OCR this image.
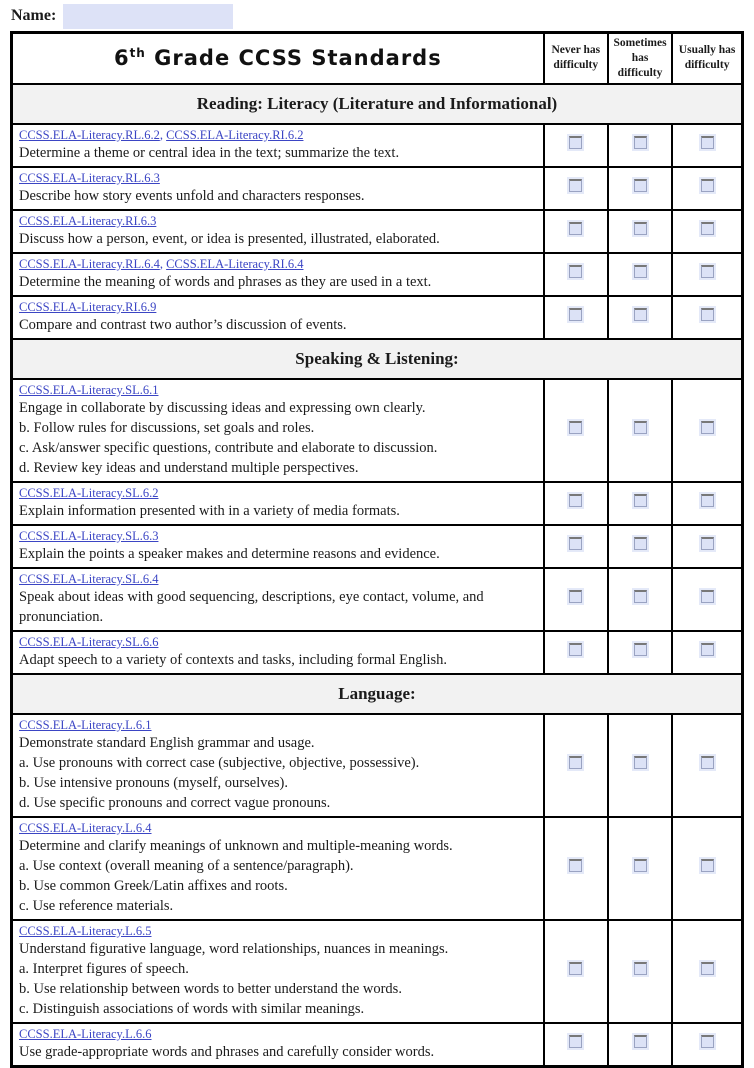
Name:
6th Grade CCSS Standards	Never has difficulty	Sometimes has difficulty	Usually has difficulty
Reading: Literacy (Literature and Informational)			

CCSS.ELA-Literacy.RL.6.2, CCSS.ELA-Literacy.RI.6.2
Determine a theme or central idea in the text; summarize the text.			

CCSS.ELA-Literacy.RL.6.3
Describe how story events unfold and characters responses.			

CCSS.ELA-Literacy.RI.6.3
Discuss how a person, event, or idea is presented, illustrated, elaborated.			

CCSS.ELA-Literacy.RL.6.4, CCSS.ELA-Literacy.RI.6.4
Determine the meaning of words and phrases as they are used in a text.			

CCSS.ELA-Literacy.RI.6.9
Compare and contrast two author’s discussion of events.			

Speaking & Listening:			

CCSS.ELA-Literacy.SL.6.1
Engage in collaborate by discussing ideas and expressing own clearly.
b. Follow rules for discussions, set goals and roles.
c. Ask/answer specific questions, contribute and elaborate to discussion.
d. Review key ideas and understand multiple perspectives.			

CCSS.ELA-Literacy.SL.6.2
Explain information presented with in a variety of media formats.			

CCSS.ELA-Literacy.SL.6.3
Explain the points a speaker makes and determine reasons and evidence.			

CCSS.ELA-Literacy.SL.6.4
Speak about ideas with good sequencing, descriptions, eye contact, volume, and pronunciation.			

CCSS.ELA-Literacy.SL.6.6
Adapt speech to a variety of contexts and tasks, including formal English.			

Language:			

CCSS.ELA-Literacy.L.6.1
Demonstrate standard English grammar and usage.
a. Use pronouns with correct case (subjective, objective, possessive).
b. Use intensive pronouns (myself, ourselves).
d. Use specific pronouns and correct vague pronouns.			

CCSS.ELA-Literacy.L.6.4
Determine and clarify meanings of unknown and multiple-meaning words.
a. Use context (overall meaning of a sentence/paragraph).
b. Use common Greek/Latin affixes and roots.
c. Use reference materials.			

CCSS.ELA-Literacy.L.6.5
Understand figurative language, word relationships, nuances in meanings.
a. Interpret figures of speech.
b. Use relationship between words to better understand the words.
c. Distinguish associations of words with similar meanings.			

CCSS.ELA-Literacy.L.6.6
Use grade-appropriate words and phrases and carefully consider words.			
